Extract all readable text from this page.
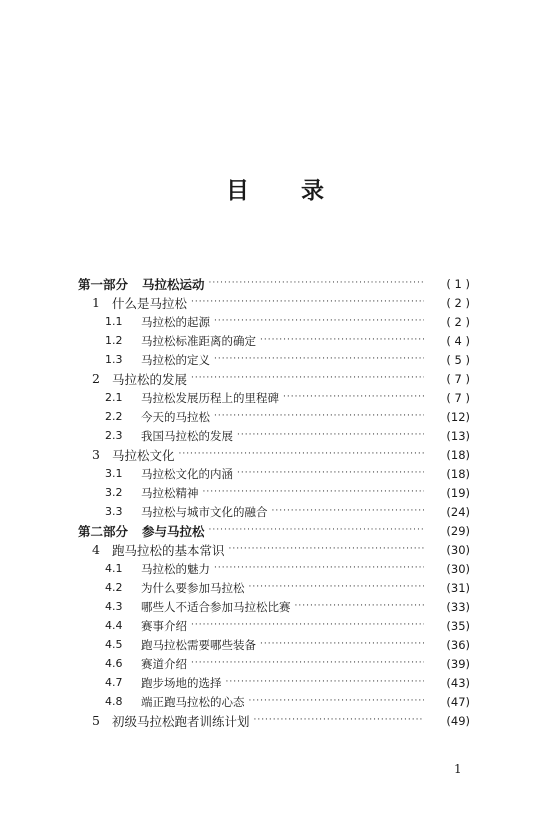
目 录
第一部分 马拉松运动 ·····	( 1 )
1 什么是马拉松 ·····	( 2 )
1.1	马拉松的起源 ·····	( 2 )
1.2	马拉松标准距离的确定 ·····	( 4 )
1.3	马拉松的定义 ·····	( 5 )
2 马拉松的发展 ·····	( 7 )
2.1	马拉松发展历程上的里程碑 ·····	( 7 )
2.2	今天的马拉松 ·····	(12)
2.3	我国马拉松的发展 ·····	(13)
3 马拉松文化 ·····	(18)
3.1	马拉松文化的内涵 ·····	(18)
3.2	马拉松精神 ·····	(19)
3.3	马拉松与城市文化的融合 ·····	(24)
第二部分 参与马拉松 ·····	(29)
4 跑马拉松的基本常识 ·····	(30)
4.1	马拉松的魅力 ·····	(30)
4.2	为什么要参加马拉松 ·····	(31)
4.3	哪些人不适合参加马拉松比赛 ·····	(33)
4.4	赛事介绍 ·····	(35)
4.5	跑马拉松需要哪些装备 ·····	(36)
4.6	赛道介绍 ·····	(39)
4.7	跑步场地的选择 ·····	(43)
4.8	端正跑马拉松的心态 ·····	(47)
5 初级马拉松跑者训练计划 ·····	(49)
1
